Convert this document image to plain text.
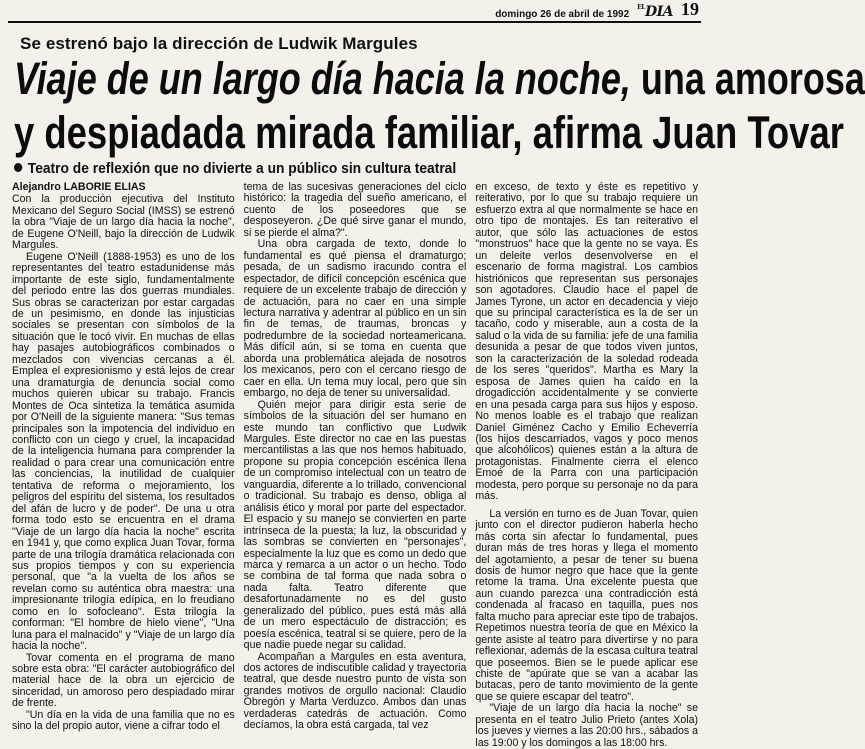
domingo 26 de abril de 1992
$^{EL}$DIA 19
Se estrenó bajo la dirección de Ludwik Margules
Viaje de un largo día hacia la noche, una amorosa
y despiadada mirada familiar, afirma Juan Tovar
Teatro de reflexión que no divierte a un público sin cultura teatral
Alejandro LABORIE ELIAS

Con la producción ejecutiva del Instituto Mexicano del Seguro Social (IMSS) se estrenó la obra "Viaje de un largo día hacia la noche", de Eugene O'Neill, bajo la dirección de Ludwik Margules.

Eugene O'Neill (1888-1953) es uno de los representantes del teatro estadunidense más importante de este siglo, fundamentalmente del periodo entre las dos guerras mundiales. Sus obras se caracterizan por estar cargadas de un pesimismo, en donde las injusticias sociales se presentan con símbolos de la situación que le tocó vivir. En muchas de ellas hay pasajes autobiográficos combinados o mezclados con vivencias cercanas a él. Emplea el expresionismo y está lejos de crear una dramaturgia de denuncia social como muchos quieren ubicar su trabajo. Francis Montes de Oca sintetiza la temática asumida por O'Neill de la siguiente manera: "Sus temas principales son la impotencia del individuo en conflicto con un ciego y cruel, la incapacidad de la inteligencia humana para comprender la realidad o para crear una comunicación entre las conciencias, la inutilidad de cualquier tentativa de reforma o mejoramiento, los peligros del espíritu del sistema, los resultados del afán de lucro y de poder". De una u otra forma todo esto se encuentra en el drama "Viaje de un largo día hacia la noche" escrita en 1941 y, que como explica Juan Tovar, forma parte de una trilogía dramática relacionada con sus propios tiempos y con su experiencia personal, que "a la vuelta de los años se revelan como su auténtica obra maestra: una impresionante trilogía edípica, en lo freudiano como en lo sofocleano". Esta trilogía la conforman: "El hombre de hielo viene", "Una luna para el malnacido" y "Viaje de un largo día hacia la noche".

Tovar comenta en el programa de mano sobre esta obra: "El carácter autobiográfico del material hace de la obra un ejercicio de sinceridad, un amoroso pero despiadado mirar de frente.

"Un día en la vida de una familia que no es sino la del propio autor, viene a cifrar todo el

tema de las sucesivas generaciones del ciclo histórico: la tragedia del sueño americano, el cuento de los poseedores que se desposeyeron. ¿De qué sirve ganar el mundo, si se pierde el alma?".

Una obra cargada de texto, donde lo fundamental es qué piensa el dramaturgo; pesada, de un sadismo iracundo contra el espectador, de difícil concepción escénica que requiere de un excelente trabajo de dirección y de actuación, para no caer en una simple lectura narrativa y adentrar al público en un sin fin de temas, de traumas, broncas y podredumbre de la sociedad norteamericana. Más difícil aún, si se toma en cuenta que aborda una problemática alejada de nosotros los mexicanos, pero con el cercano riesgo de caer en ella. Un tema muy local, pero que sin embargo, no deja de tener su universalidad.

Quién mejor para dirigir esta serie de símbolos de la situación del ser humano en este mundo tan conflictivo que Ludwik Margules. Este director no cae en las puestas mercantilistas a las que nos hemos habituado, propone su propia concepción escénica llena de un compromiso intelectual con un teatro de vanguardia, diferente a lo trillado, convencional o tradicional. Su trabajo es denso, obliga al análisis ético y moral por parte del espectador. El espacio y su manejo se convierten en parte intrínseca de la puesta; la luz, la obscuridad y las sombras se convierten en "personajes", especialmente la luz que es como un dedo que marca y remarca a un actor o un hecho. Todo se combina de tal forma que nada sobra o nada falta. Teatro diferente que desafortunadamente no es del gusto generalizado del público, pues está más allá de un mero espectáculo de distracción; es poesía escénica, teatral si se quiere, pero de la que nadie puede negar su calidad.

Acompañan a Margules en esta aventura, dos actores de indiscutible calidad y trayectoria teatral, que desde nuestro punto de vista son grandes motivos de orgullo nacional: Claudio Obregón y Marta Verduzco. Ambos dan unas verdaderas catedrás de actuación. Como decíamos, la obra está cargada, tal vez

en exceso, de texto y éste es repetitivo y reiterativo, por lo que su trabajo requiere un esfuerzo extra al que normalmente se hace en otro tipo de montajes. Es tan reiterativo el autor, que sólo las actuaciones de estos "monstruos" hace que la gente no se vaya. Es un deleite verlos desenvolverse en el escenario de forma magistral. Los cambios histriónicos que representan sus personajes son agotadores. Claudio hace el papel de James Tyrone, un actor en decadencia y viejo que su principal característica es la de ser un tacaño, codo y miserable, aun a costa de la salud o la vida de su familia: jefe de una familia desunida a pesar de que todos viven juntos, son la caracterización de la soledad rodeada de los seres "queridos". Martha es Mary la esposa de James quien ha caído en la drogadicción accidentalmente y se convierte en una pesada carga para sus hijos y esposo. No menos loable es el trabajo que realizan Daniel Giménez Cacho y Emilio Echeverría (los hijos descarriados, vagos y poco menos que alcohólicos) quienes están a la altura de protagonistas. Finalmente cierra el elenco Emoé de la Parra con una participación modesta, pero porque su personaje no da para más.

La versión en turno es de Juan Tovar, quien junto con el director pudieron haberla hecho más corta sin afectar lo fundamental, pues duran más de tres horas y llega el momento del agotamiento, a pesar de tener su buena dosis de humor negro que hace que la gente retome la trama. Una excelente puesta que aun cuando parezca una contradicción está condenada al fracaso en taquilla, pues nos falta mucho para apreciar este tipo de trabajos. Repetimos nuestra teoría de que en México la gente asiste al teatro para divertirse y no para reflexionar, además de la escasa cultura teatral que poseemos. Bien se le puede aplicar ese chiste de "apúrate que se van a acabar las butacas, pero de tanto movimiento de la gente que se quiere escapar del teatro".

"Viaje de un largo día hacia la noche" se presenta en el teatro Julio Prieto (antes Xola) los jueves y viernes a las 20:00 hrs., sábados a las 19:00 y los domingos a las 18:00 hrs.
